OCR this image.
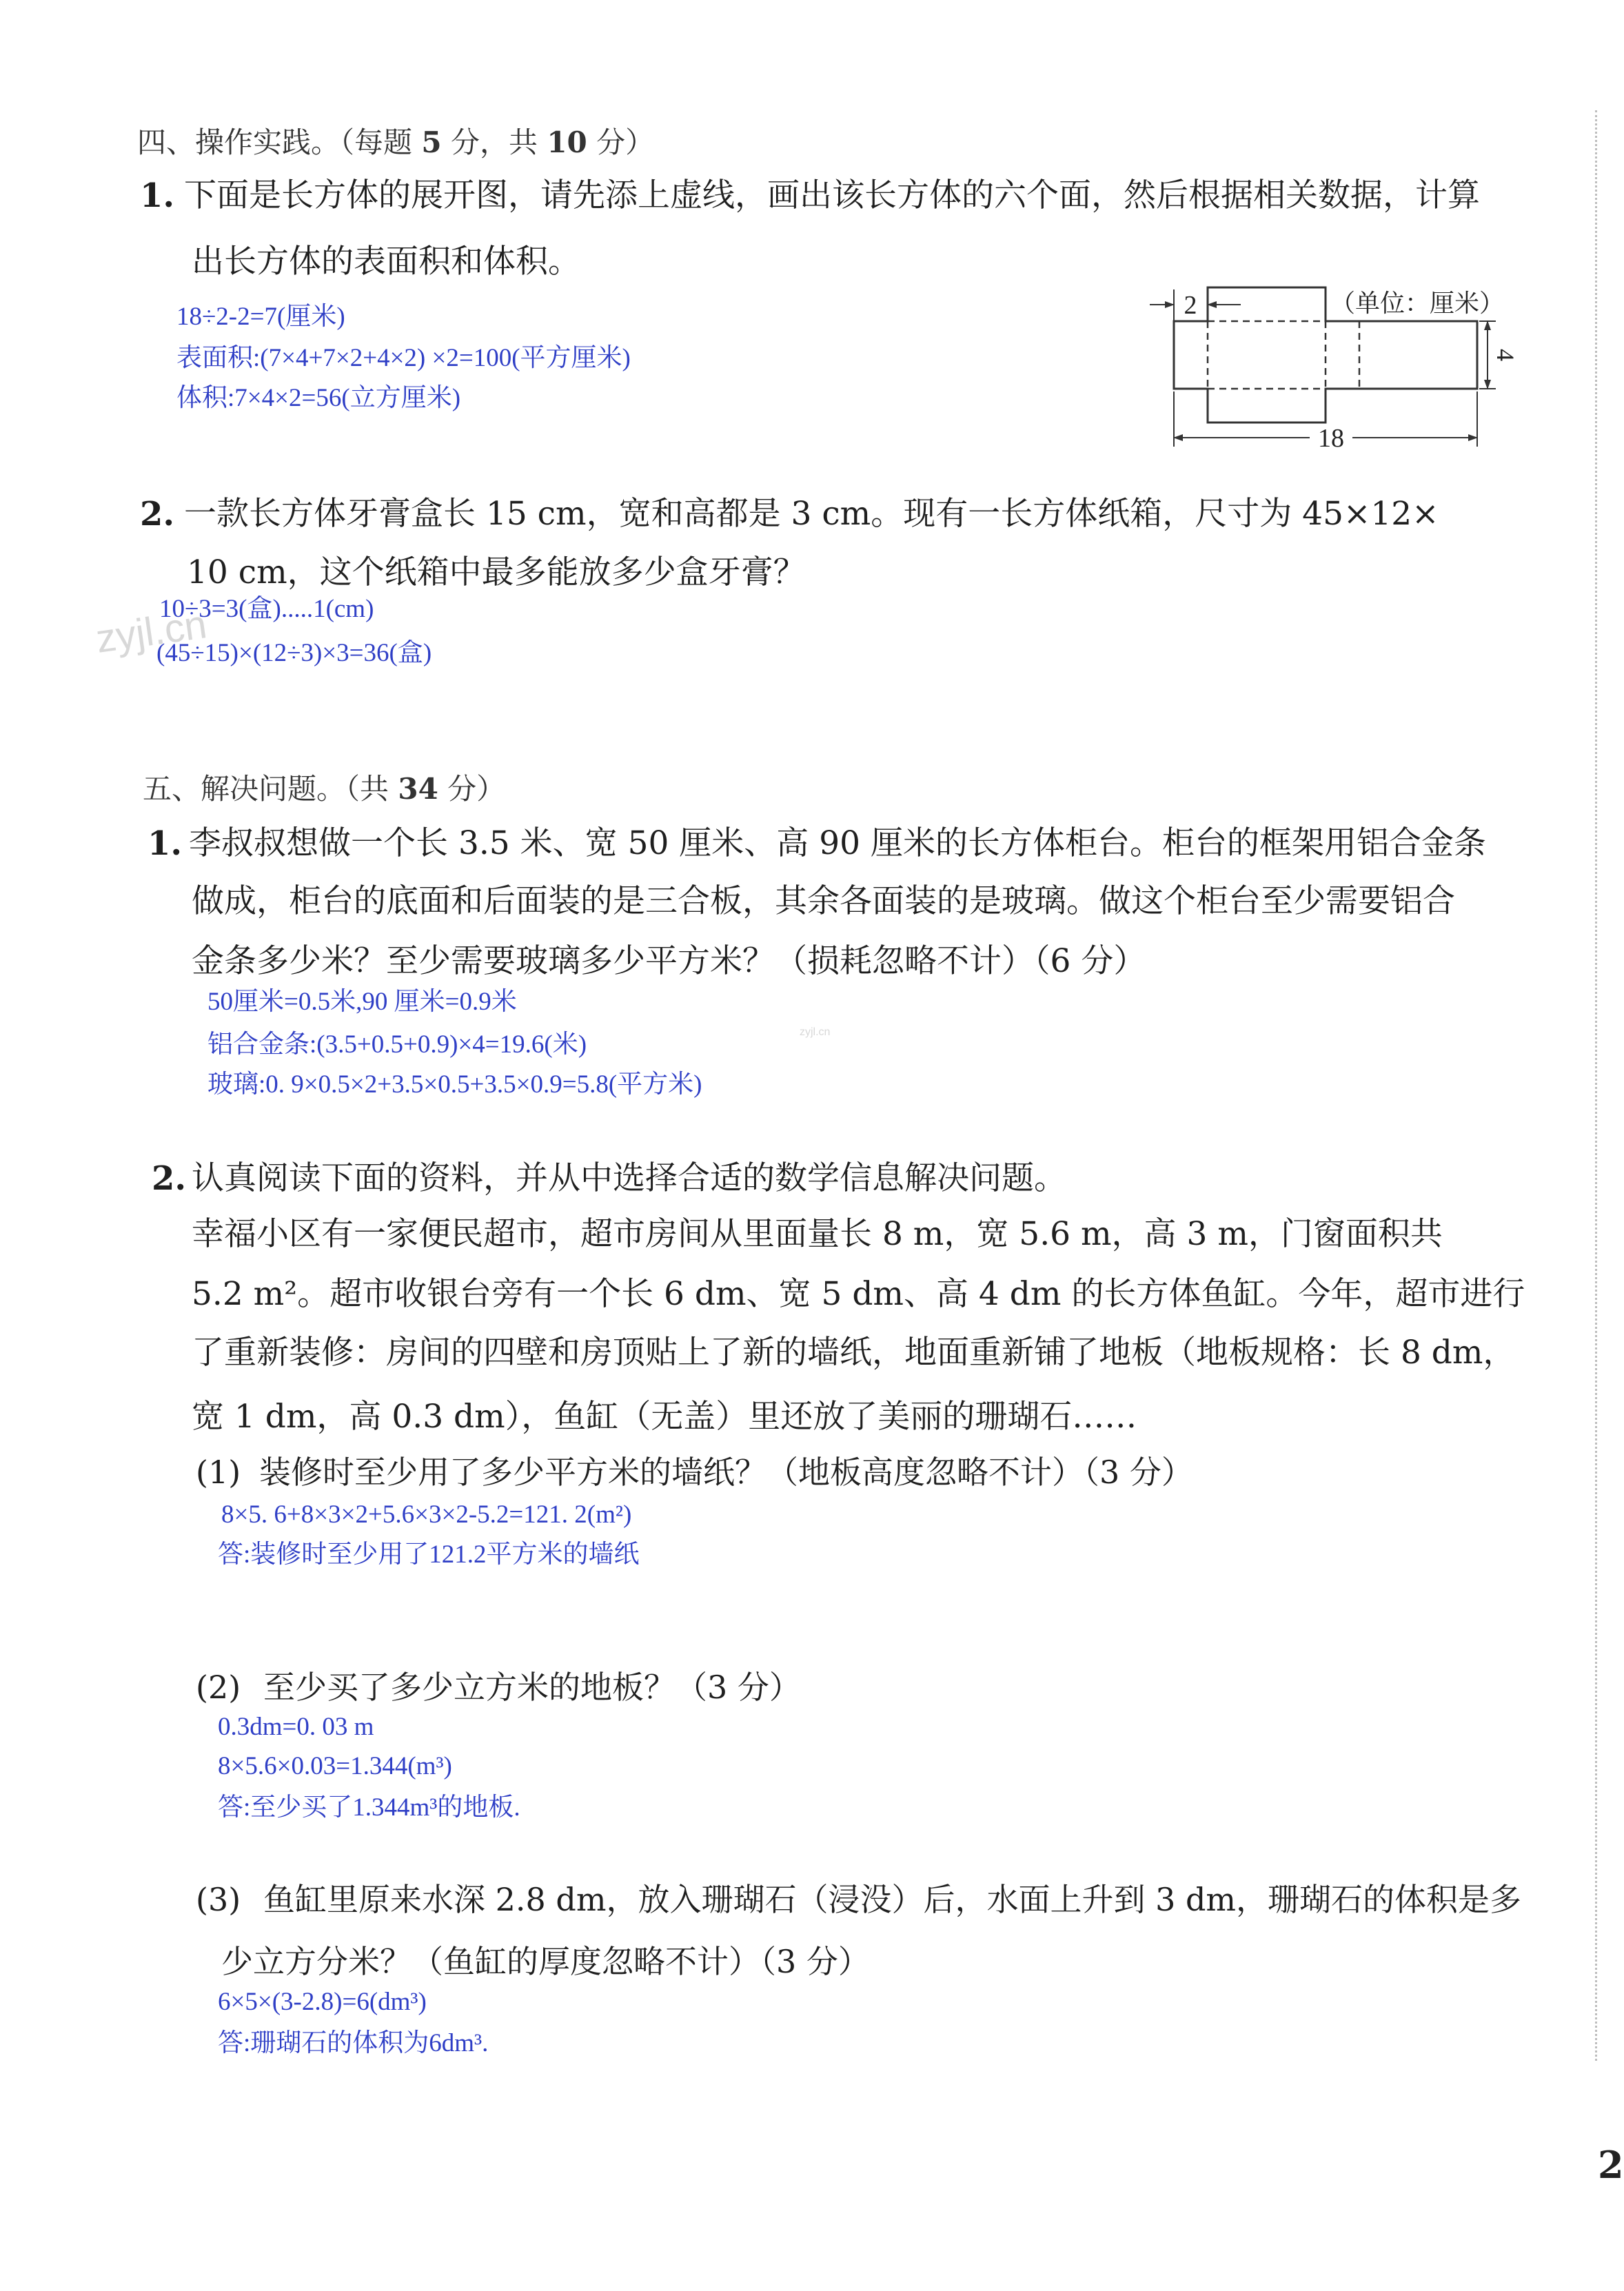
四、操作实践。（每题 5 分，共 10 分）
1. 下面是长方体的展开图，请先添上虚线，画出该长方体的六个面，然后根据相关数据，计算
出长方体的表面积和体积。
18÷2-2=7(厘米)
表面积:(7×4+7×2+4×2) ×2=100(平方厘米)
体积:7×4×2=56(立方厘米)
2	（单位：厘米）
4
18
2. 一款长方体牙膏盒长 15 cm，宽和高都是 3 cm。现有一长方体纸箱，尺寸为 45×12×
10 cm，这个纸箱中最多能放多少盒牙膏？
10÷3=3(盒).....1(cm)
(45÷15)×(12÷3)×3=36(盒)
zyjl.cn
五、解决问题。（共 34 分）
1. 李叔叔想做一个长 3.5 米、宽 50 厘米、高 90 厘米的长方体柜台。柜台的框架用铝合金条
做成，柜台的底面和后面装的是三合板，其余各面装的是玻璃。做这个柜台至少需要铝合
金条多少米？至少需要玻璃多少平方米？（损耗忽略不计）（6 分）
50厘米=0.5米,90 厘米=0.9米
铝合金条:(3.5+0.5+0.9)×4=19.6(米)
玻璃:0. 9×0.5×2+3.5×0.5+3.5×0.9=5.8(平方米)
zyjl.cn
2. 认真阅读下面的资料，并从中选择合适的数学信息解决问题。
幸福小区有一家便民超市，超市房间从里面量长 8 m，宽 5.6 m，高 3 m，门窗面积共
5.2 m²。超市收银台旁有一个长 6 dm、宽 5 dm、高 4 dm 的长方体鱼缸。今年，超市进行
了重新装修：房间的四壁和房顶贴上了新的墙纸，地面重新铺了地板（地板规格：长 8 dm，
宽 1 dm，高 0.3 dm），鱼缸（无盖）里还放了美丽的珊瑚石……
(1) 装修时至少用了多少平方米的墙纸？（地板高度忽略不计）（3 分）
8×5. 6+8×3×2+5.6×3×2-5.2=121. 2(m²)
答:装修时至少用了121.2平方米的墙纸
(2) 至少买了多少立方米的地板？（3 分）
0.3dm=0. 03 m
8×5.6×0.03=1.344(m³)
答:至少买了1.344m³的地板.
(3) 鱼缸里原来水深 2.8 dm，放入珊瑚石（浸没）后，水面上升到 3 dm，珊瑚石的体积是多
少立方分米？（鱼缸的厚度忽略不计）（3 分）
6×5×(3-2.8)=6(dm³)
答:珊瑚石的体积为6dm³.
2
